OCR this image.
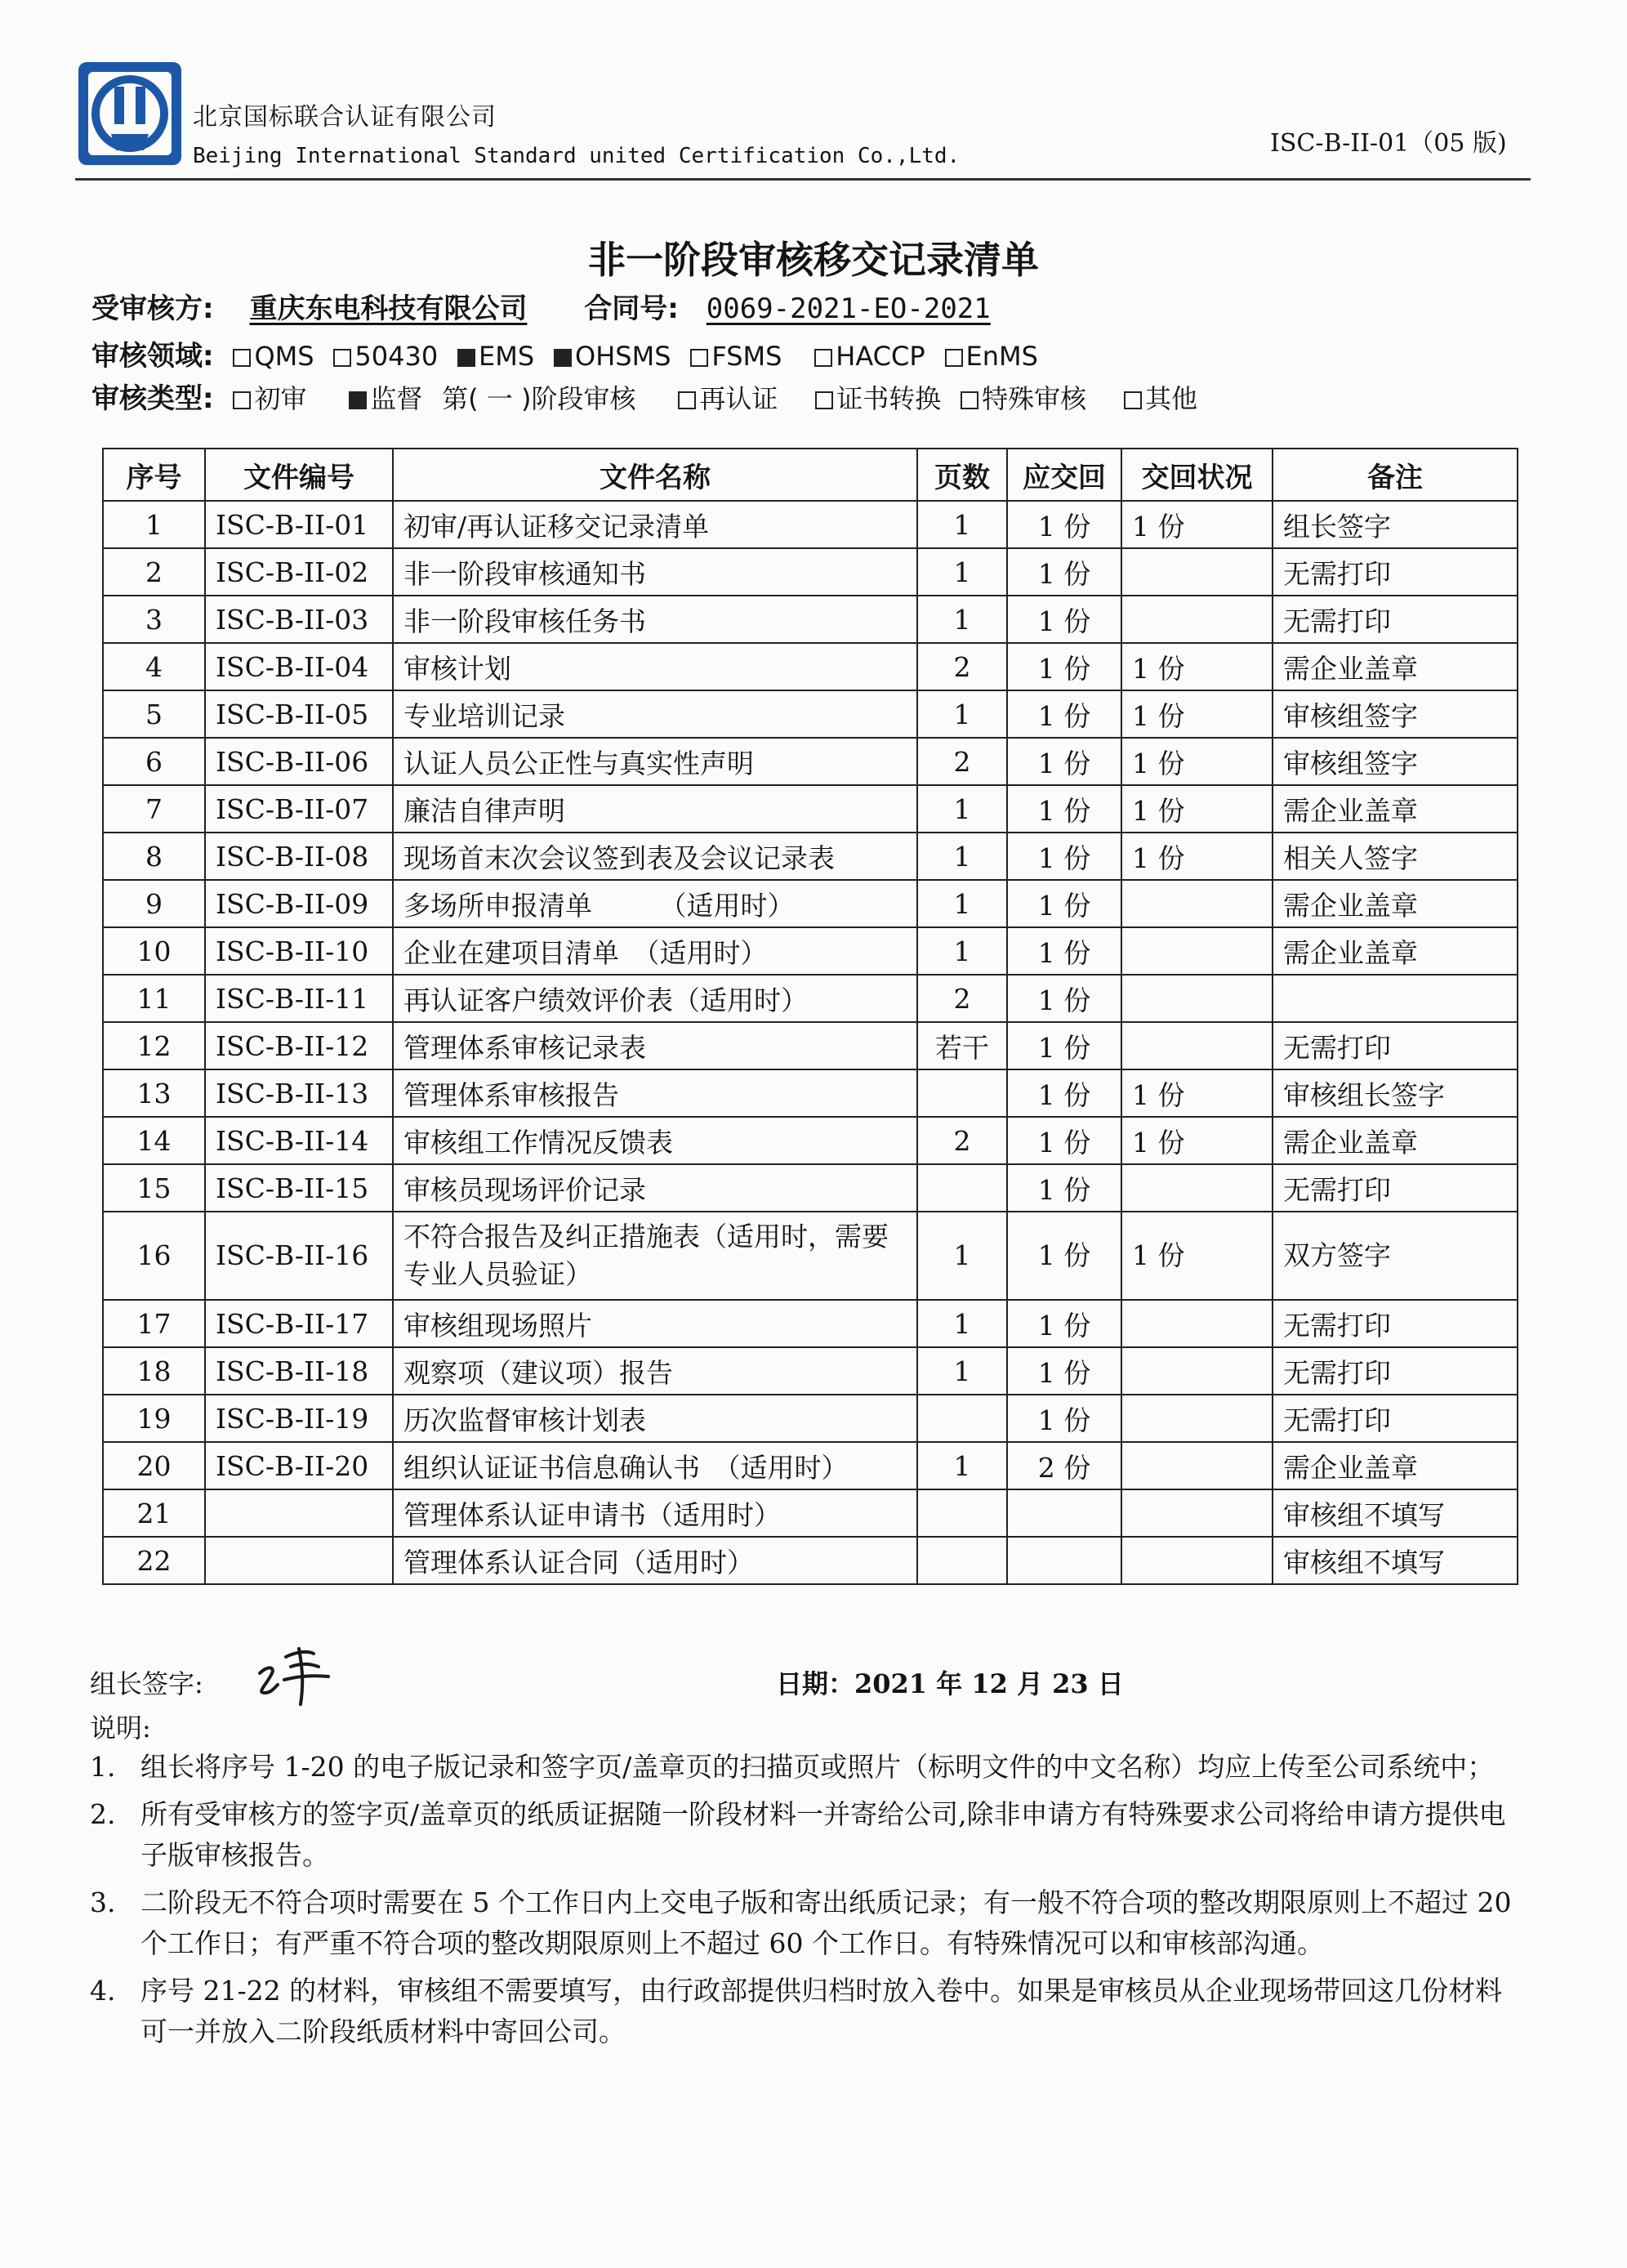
北京国标联合认证有限公司
Beijing International Standard united Certification Co.,Ltd.	ISC-B-II-01（05 版)
非一阶段审核移交记录清单
受审核方: 重庆东电科技有限公司 合同号: 0069-2021-EO-2021
审核领域: QMS 50430 EMS OHSMS FSMS HACCP EnMS
审核类型: 初审 监督 第( 一 )阶段审核 再认证 证书转换 特殊审核 其他
序号	文件编号	文件名称	页数	应交回	交回状况	备注
1	ISC-B-II-01	初审/再认证移交记录清单	1	1 份	1 份	组长签字
2	ISC-B-II-02	非一阶段审核通知书	1	1 份		无需打印
3	ISC-B-II-03	非一阶段审核任务书	1	1 份		无需打印
4	ISC-B-II-04	审核计划	2	1 份	1 份	需企业盖章
5	ISC-B-II-05	专业培训记录	1	1 份	1 份	审核组签字
6	ISC-B-II-06	认证人员公正性与真实性声明	2	1 份	1 份	审核组签字
7	ISC-B-II-07	廉洁自律声明	1	1 份	1 份	需企业盖章
8	ISC-B-II-08	现场首末次会议签到表及会议记录表	1	1 份	1 份	相关人签字
9	ISC-B-II-09	多场所申报清单　　　（适用时）	1	1 份		需企业盖章
10	ISC-B-II-10	企业在建项目清单　（适用时）	1	1 份		需企业盖章
11	ISC-B-II-11	再认证客户绩效评价表（适用时）	2	1 份		
12	ISC-B-II-12	管理体系审核记录表	若干	1 份		无需打印
13	ISC-B-II-13	管理体系审核报告		1 份	1 份	审核组长签字
14	ISC-B-II-14	审核组工作情况反馈表	2	1 份	1 份	需企业盖章
15	ISC-B-II-15	审核员现场评价记录		1 份		无需打印
16	ISC-B-II-16	不符合报告及纠正措施表（适用时，需要专业人员验证）	1	1 份	1 份	双方签字
17	ISC-B-II-17	审核组现场照片	1	1 份		无需打印
18	ISC-B-II-18	观察项（建议项）报告	1	1 份		无需打印
19	ISC-B-II-19	历次监督审核计划表		1 份		无需打印
20	ISC-B-II-20	组织认证证书信息确认书　（适用时）	1	2 份		需企业盖章
21		管理体系认证申请书（适用时）				审核组不填写
22		管理体系认证合同（适用时）				审核组不填写
组长签字:	日期：2021 年 12 月 23 日
说明:
1. 组长将序号 1-20 的电子版记录和签字页/盖章页的扫描页或照片（标明文件的中文名称）均应上传至公司系统中；
2. 所有受审核方的签字页/盖章页的纸质证据随一阶段材料一并寄给公司,除非申请方有特殊要求公司将给申请方提供电子版审核报告。
3. 二阶段无不符合项时需要在 5 个工作日内上交电子版和寄出纸质记录；有一般不符合项的整改期限原则上不超过 20 个工作日；有严重不符合项的整改期限原则上不超过 60 个工作日。有特殊情况可以和审核部沟通。
4. 序号 21-22 的材料，审核组不需要填写，由行政部提供归档时放入卷中。如果是审核员从企业现场带回这几份材料可一并放入二阶段纸质材料中寄回公司。
